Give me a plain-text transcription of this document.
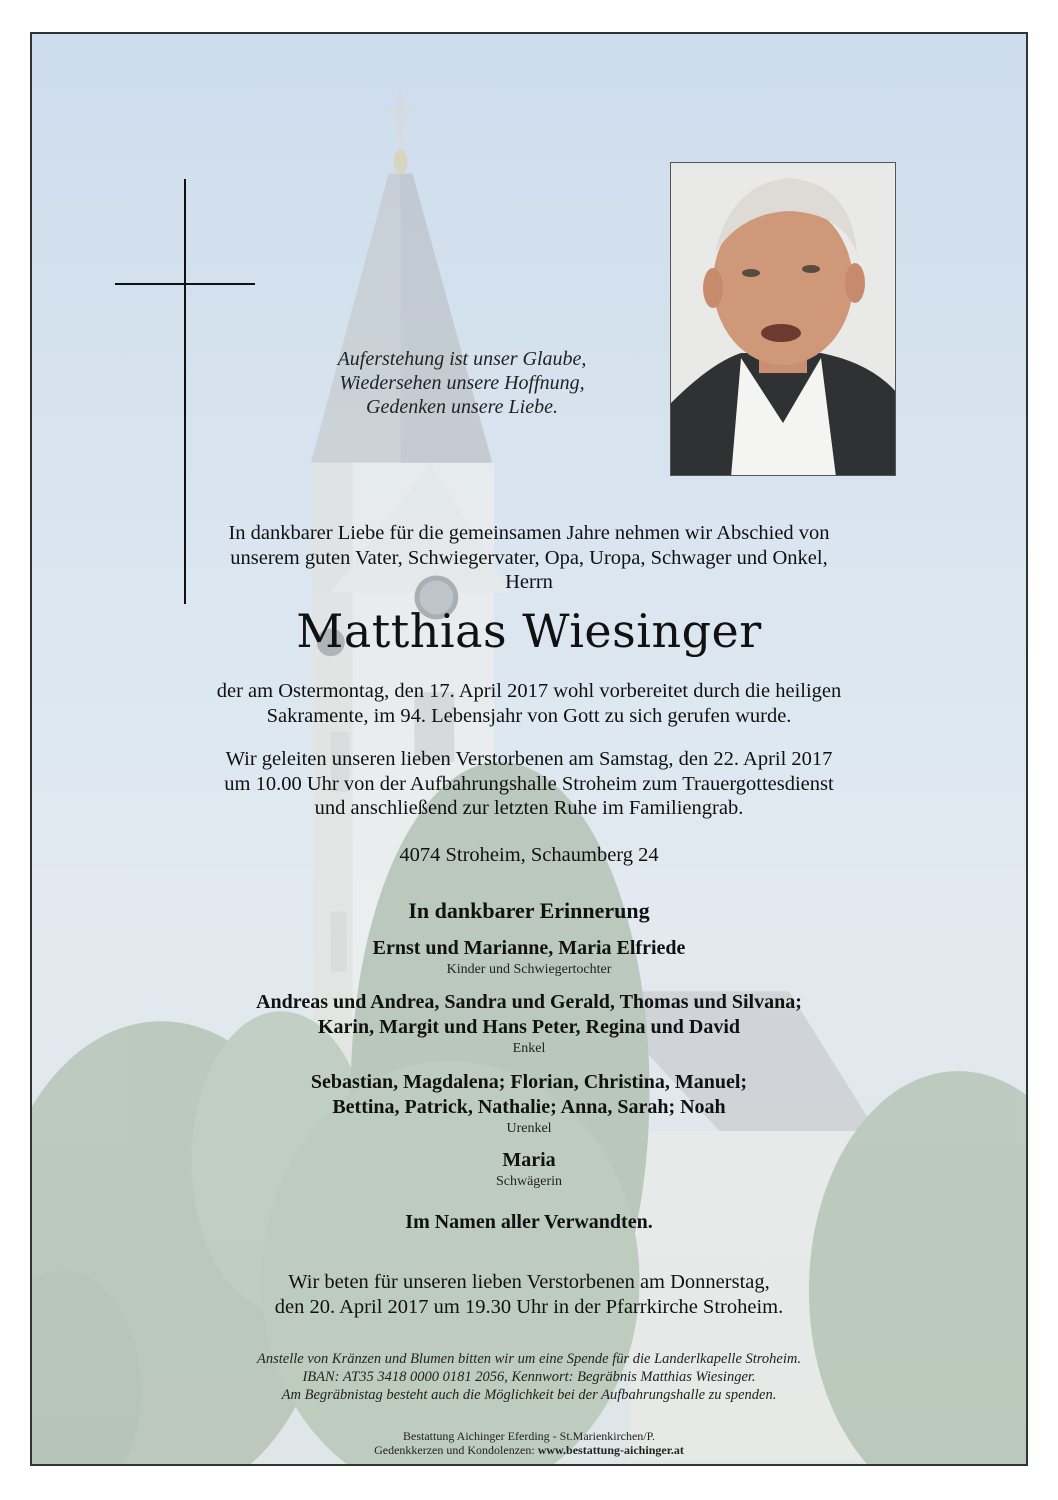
Auferstehung ist unser Glaube,
Wiedersehen unsere Hoffnung,
Gedenken unsere Liebe.
In dankbarer Liebe für die gemeinsamen Jahre nehmen wir Abschied von
unserem guten Vater, Schwiegervater, Opa, Uropa, Schwager und Onkel,
Herrn
Matthias Wiesinger
der am Ostermontag, den 17. April 2017 wohl vorbereitet durch die heiligen
Sakramente, im 94. Lebensjahr von Gott zu sich gerufen wurde.
Wir geleiten unseren lieben Verstorbenen am Samstag, den 22. April 2017
um 10.00 Uhr von der Aufbahrungshalle Stroheim zum Trauergottesdienst
und anschließend zur letzten Ruhe im Familiengrab.
4074 Stroheim, Schaumberg 24
In dankbarer Erinnerung
Ernst und Marianne, Maria Elfriede
Kinder und Schwiegertochter
Andreas und Andrea, Sandra und Gerald, Thomas und Silvana;
Karin, Margit und Hans Peter, Regina und David
Enkel
Sebastian, Magdalena; Florian, Christina, Manuel;
Bettina, Patrick, Nathalie; Anna, Sarah; Noah
Urenkel
Maria
Schwägerin
Im Namen aller Verwandten.
Wir beten für unseren lieben Verstorbenen am Donnerstag,
den 20. April 2017 um 19.30 Uhr in der Pfarrkirche Stroheim.
Anstelle von Kränzen und Blumen bitten wir um eine Spende für die Landerlkapelle Stroheim.
IBAN: AT35 3418 0000 0181 2056, Kennwort: Begräbnis Matthias Wiesinger.
Am Begräbnistag besteht auch die Möglichkeit bei der Aufbahrungshalle zu spenden.
Bestattung Aichinger Eferding - St.Marienkirchen/P.
Gedenkkerzen und Kondolenzen: www.bestattung-aichinger.at
